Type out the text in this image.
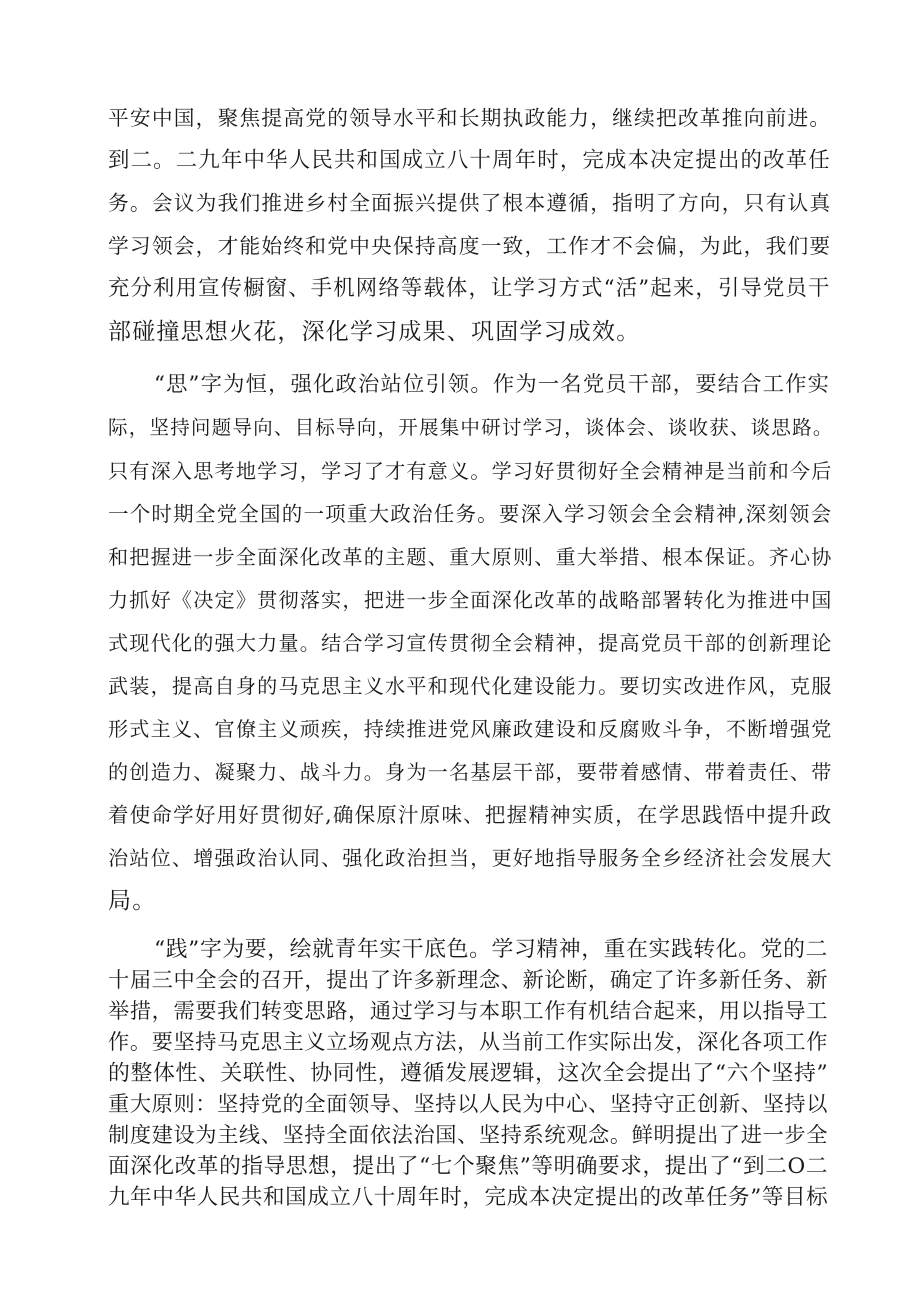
平安中国，聚焦提高党的领导水平和长期执政能力，继续把改革推向前进。
到二。二九年中华人民共和国成立八十周年时，完成本决定提出的改革任
务。会议为我们推进乡村全面振兴提供了根本遵循，指明了方向，只有认真
学习领会，才能始终和党中央保持高度一致，工作才不会偏，为此，我们要
充分利用宣传橱窗、手机网络等载体，让学习方式“活”起来，引导党员干
部碰撞思想火花，深化学习成果、巩固学习成效。
“思”字为恒，强化政治站位引领。作为一名党员干部，要结合工作实
际，坚持问题导向、目标导向，开展集中研讨学习，谈体会、谈收获、谈思路。
只有深入思考地学习，学习了才有意义。学习好贯彻好全会精神是当前和今后
一个时期全党全国的一项重大政治任务。要深入学习领会全会精神,深刻领会
和把握进一步全面深化改革的主题、重大原则、重大举措、根本保证。齐心协
力抓好《决定》贯彻落实，把进一步全面深化改革的战略部署转化为推进中国
式现代化的强大力量。结合学习宣传贯彻全会精神，提高党员干部的创新理论
武装，提高自身的马克思主义水平和现代化建设能力。要切实改进作风，克服
形式主义、官僚主义顽疾，持续推进党风廉政建设和反腐败斗争，不断增强党
的创造力、凝聚力、战斗力。身为一名基层干部，要带着感情、带着责任、带
着使命学好用好贯彻好,确保原汁原味、把握精神实质，在学思践悟中提升政
治站位、增强政治认同、强化政治担当，更好地指导服务全乡经济社会发展大
局。
“践”字为要，绘就青年实干底色。学习精神，重在实践转化。党的二
十届三中全会的召开，提出了许多新理念、新论断，确定了许多新任务、新
举措，需要我们转变思路，通过学习与本职工作有机结合起来，用以指导工
作。要坚持马克思主义立场观点方法，从当前工作实际出发，深化各项工作
的整体性、关联性、协同性，遵循发展逻辑，这次全会提出了“六个坚持”
重大原则：坚持党的全面领导、坚持以人民为中心、坚持守正创新、坚持以
制度建设为主线、坚持全面依法治国、坚持系统观念。鲜明提出了进一步全
面深化改革的指导思想，提出了“七个聚焦”等明确要求，提出了“到二O二
九年中华人民共和国成立八十周年时，完成本决定提出的改革任务”等目标
